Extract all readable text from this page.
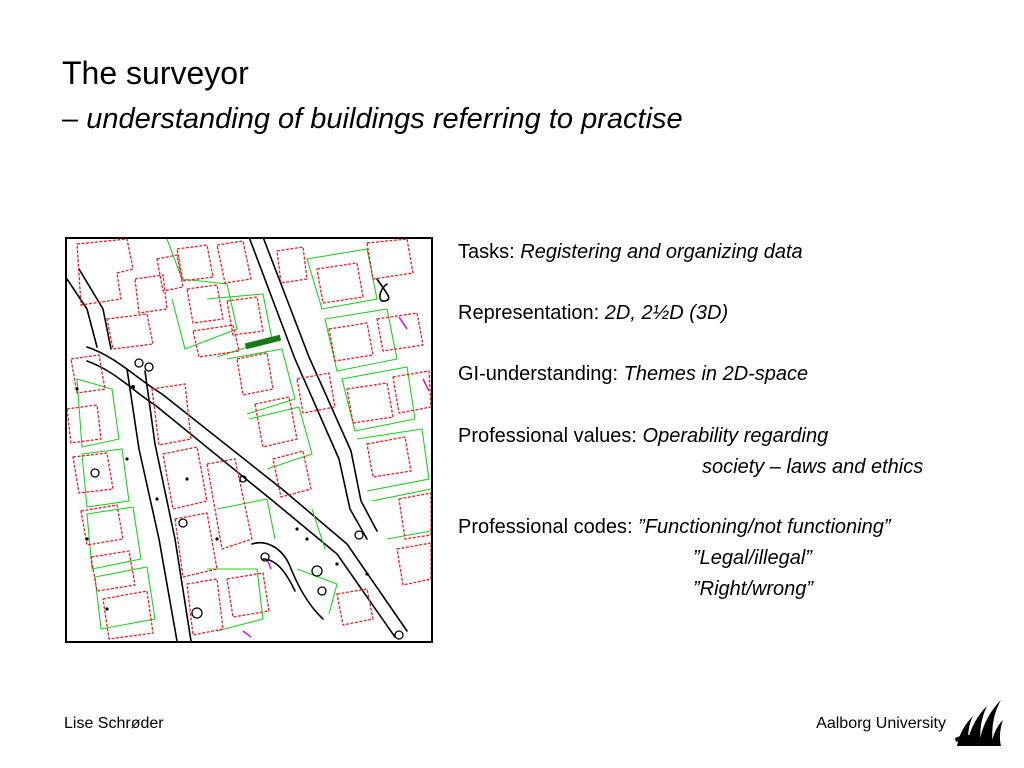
The surveyor
– understanding of buildings referring to practise
Tasks: Registering and organizing data
Representation: 2D, 2½D (3D)
GI-understanding: Themes in 2D-space
Professional values: Operability regarding
society – laws and ethics
Professional codes: ”Functioning/not functioning”
”Legal/illegal”
”Right/wrong”
Lise Schrøder	Aalborg University
